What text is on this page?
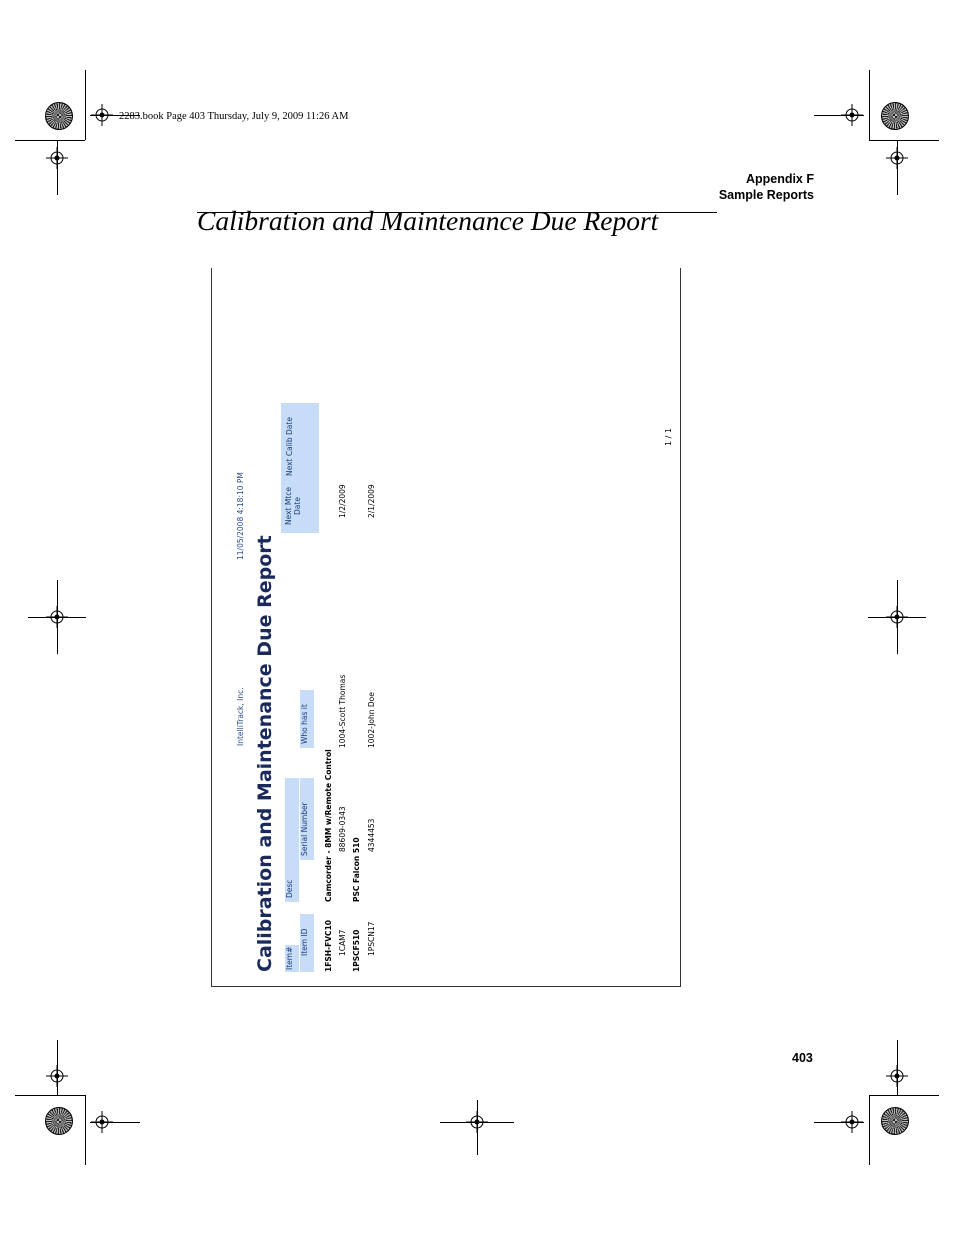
2283.book Page 403 Thursday, July 9, 2009 11:26 AM
Appendix F
Sample Reports
Calibration and Maintenance Due Report
IntelliTrack, Inc.
11/05/2008 4:18:10 PM
Calibration and Maintenance Due Report Item#
Desc
Who has it
Next Mtce Date
Next Calib Date
Item ID
Serial Number
1FSH-FVC10
Camcorder - 8MM w/Remote Control
1CAM7
88609-0343
1004-Scott Thomas
1/2/2009
1PSCF510
PSC Falcon 510
1PSCN17
4344453
1002-John Doe
2/1/2009
1 / 1
403
